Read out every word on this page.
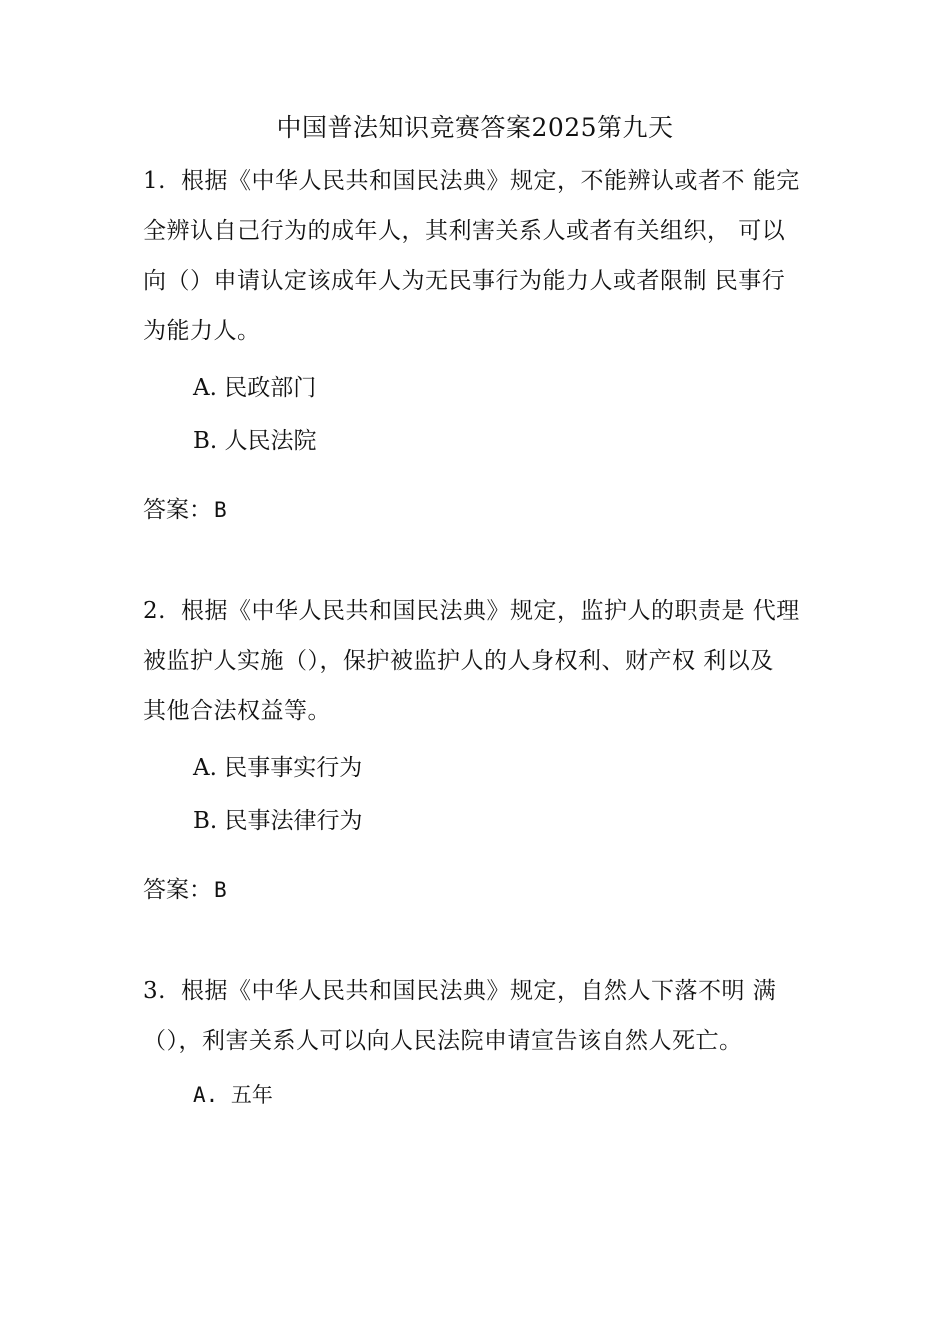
中国普法知识竞赛答案2025第九天
1. 根据《中华人民共和国民法典》规定，不能辨认或者不 能完
全辨认自己行为的成年人，其利害关系人或者有关组织， 可以
向（）申请认定该成年人为无民事行为能力人或者限制 民事行
为能力人。
A. 民政部门
B. 人民法院
答案：B
2. 根据《中华人民共和国民法典》规定，监护人的职责是 代理
被监护人实施（），保护被监护人的人身权利、财产权 利以及
其他合法权益等。
A. 民事事实行为
B. 民事法律行为
答案：B
3. 根据《中华人民共和国民法典》规定，自然人下落不明 满
（），利害关系人可以向人民法院申请宣告该自然人死亡。
A. 五年
